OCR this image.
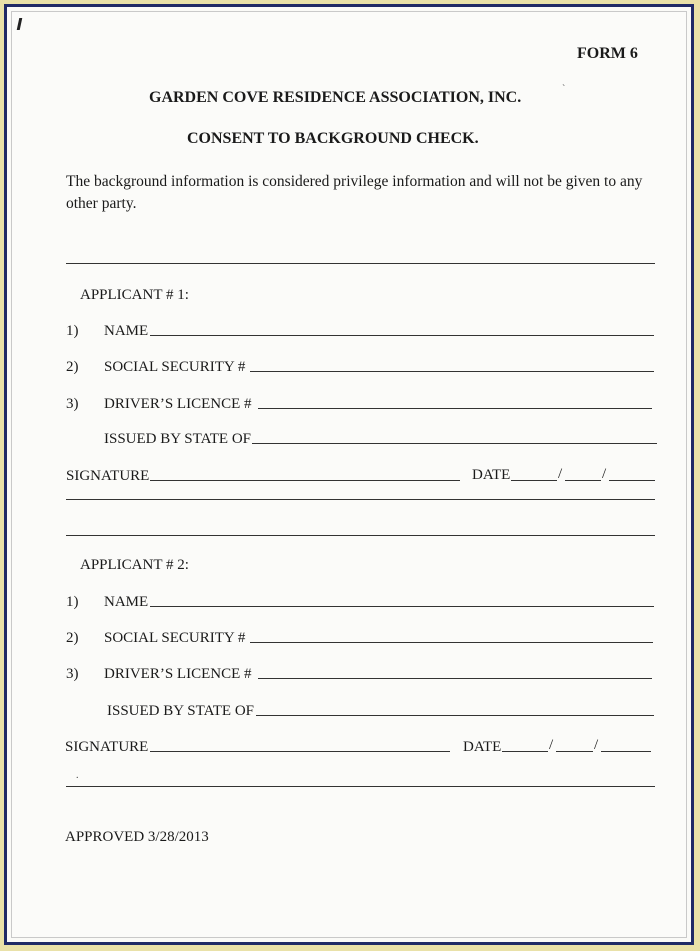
FORM 6
GARDEN COVE RESIDENCE ASSOCIATION, INC.	`
CONSENT TO BACKGROUND CHECK.
The background information is considered privilege information and will not be given to any other party.
APPLICANT # 1:
1) NAME
2) SOCIAL SECURITY #
3) DRIVER’S LICENCE #
ISSUED BY STATE OF
SIGNATURE	DATE	/	/
APPLICANT # 2:
1) NAME
2) SOCIAL SECURITY #
3) DRIVER’S LICENCE #
ISSUED BY STATE OF
SIGNATURE	DATE	/	/
.
APPROVED 3/28/2013
